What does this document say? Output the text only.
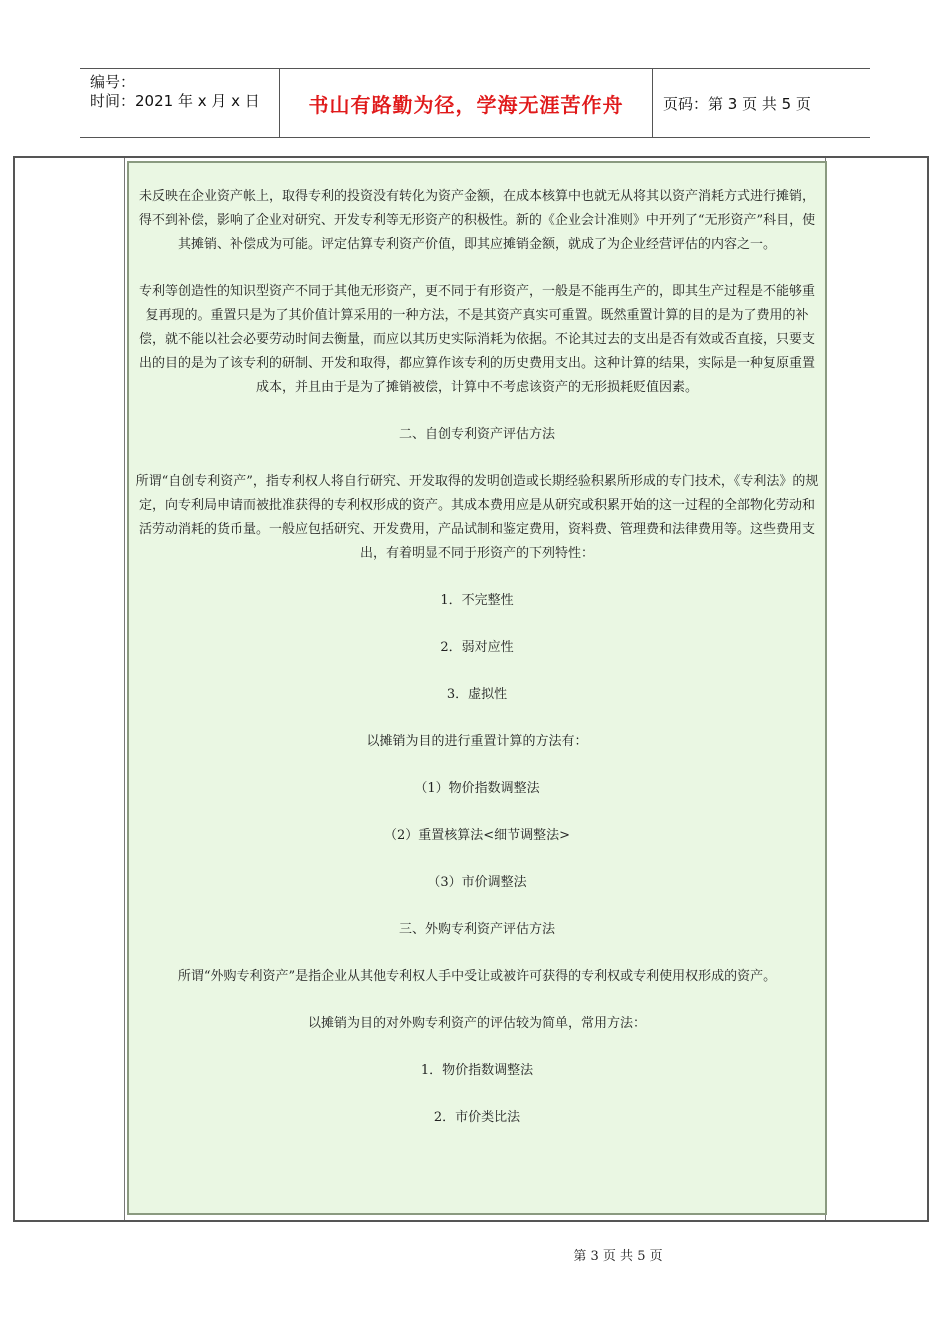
编号：
时间：2021 年 x 月 x 日	书山有路勤为径，学海无涯苦作舟	页码：第 3 页 共 5 页

未反映在企业资产帐上，取得专利的投资没有转化为资产金额，在成本核算中也就无从将其以资产消耗方式进行摊销，得不到补偿，影响了企业对研究、开发专利等无形资产的积极性。新的《企业会计准则》中开列了“无形资产”科目，使其摊销、补偿成为可能。评定估算专利资产价值，即其应摊销金额，就成了为企业经营评估的内容之一。

专利等创造性的知识型资产不同于其他无形资产，更不同于有形资产，一般是不能再生产的，即其生产过程是不能够重复再现的。重置只是为了其价值计算采用的一种方法，不是其资产真实可重置。既然重置计算的目的是为了费用的补偿，就不能以社会必要劳动时间去衡量，而应以其历史实际消耗为依据。不论其过去的支出是否有效或否直接，只要支出的目的是为了该专利的研制、开发和取得，都应算作该专利的历史费用支出。这种计算的结果，实际是一种复原重置成本，并且由于是为了摊销被偿，计算中不考虑该资产的无形损耗贬值因素。

二、自创专利资产评估方法

所谓“自创专利资产”，指专利权人将自行研究、开发取得的发明创造或长期经验积累所形成的专门技术，《专利法》的规定，向专利局申请而被批准获得的专利权形成的资产。其成本费用应是从研究或积累开始的这一过程的全部物化劳动和活劳动消耗的货币量。一般应包括研究、开发费用，产品试制和鉴定费用，资料费、管理费和法律费用等。这些费用支出，有着明显不同于形资产的下列特性：

1．不完整性

2．弱对应性

3．虚拟性

以摊销为目的进行重置计算的方法有：

（1）物价指数调整法

（2）重置核算法<细节调整法>

（3）市价调整法

三、外购专利资产评估方法

所谓“外购专利资产”是指企业从其他专利权人手中受让或被许可获得的专利权或专利使用权形成的资产。

以摊销为目的对外购专利资产的评估较为简单，常用方法：

1．物价指数调整法

2．市价类比法

第 3 页 共 5 页
